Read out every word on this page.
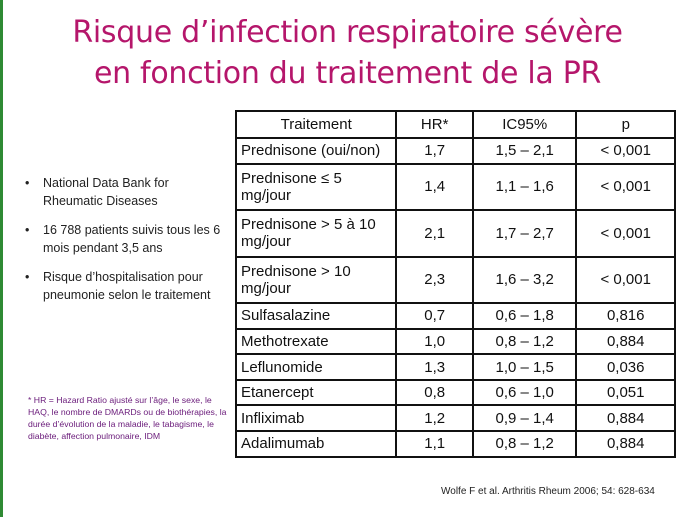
Risque d’infection respiratoire sévère
en fonction du traitement de la PR
• National Data Bank for Rheumatic Diseases
• 16 788 patients suivis tous les 6 mois pendant 3,5 ans
• Risque d’hospitalisation pour pneumonie selon le traitement
* HR = Hazard Ratio ajusté sur l’âge, le sexe, le HAQ, le nombre de DMARDs ou de biothérapies, la durée d’évolution de la maladie, le tabagisme, le diabète, affection pulmonaire, IDM
Traitement	HR*	IC95%	p
Prednisone (oui/non)	1,7	1,5 – 2,1	< 0,001
Prednisone ≤ 5 mg/jour	1,4	1,1 – 1,6	< 0,001
Prednisone > 5 à 10 mg/jour	2,1	1,7 – 2,7	< 0,001
Prednisone > 10 mg/jour	2,3	1,6 – 3,2	< 0,001
Sulfasalazine	0,7	0,6 – 1,8	0,816
Methotrexate	1,0	0,8 – 1,2	0,884
Leflunomide	1,3	1,0 – 1,5	0,036
Etanercept	0,8	0,6 – 1,0	0,051
Infliximab	1,2	0,9 – 1,4	0,884
Adalimumab	1,1	0,8 – 1,2	0,884
Wolfe F et al. Arthritis Rheum 2006; 54: 628-634
